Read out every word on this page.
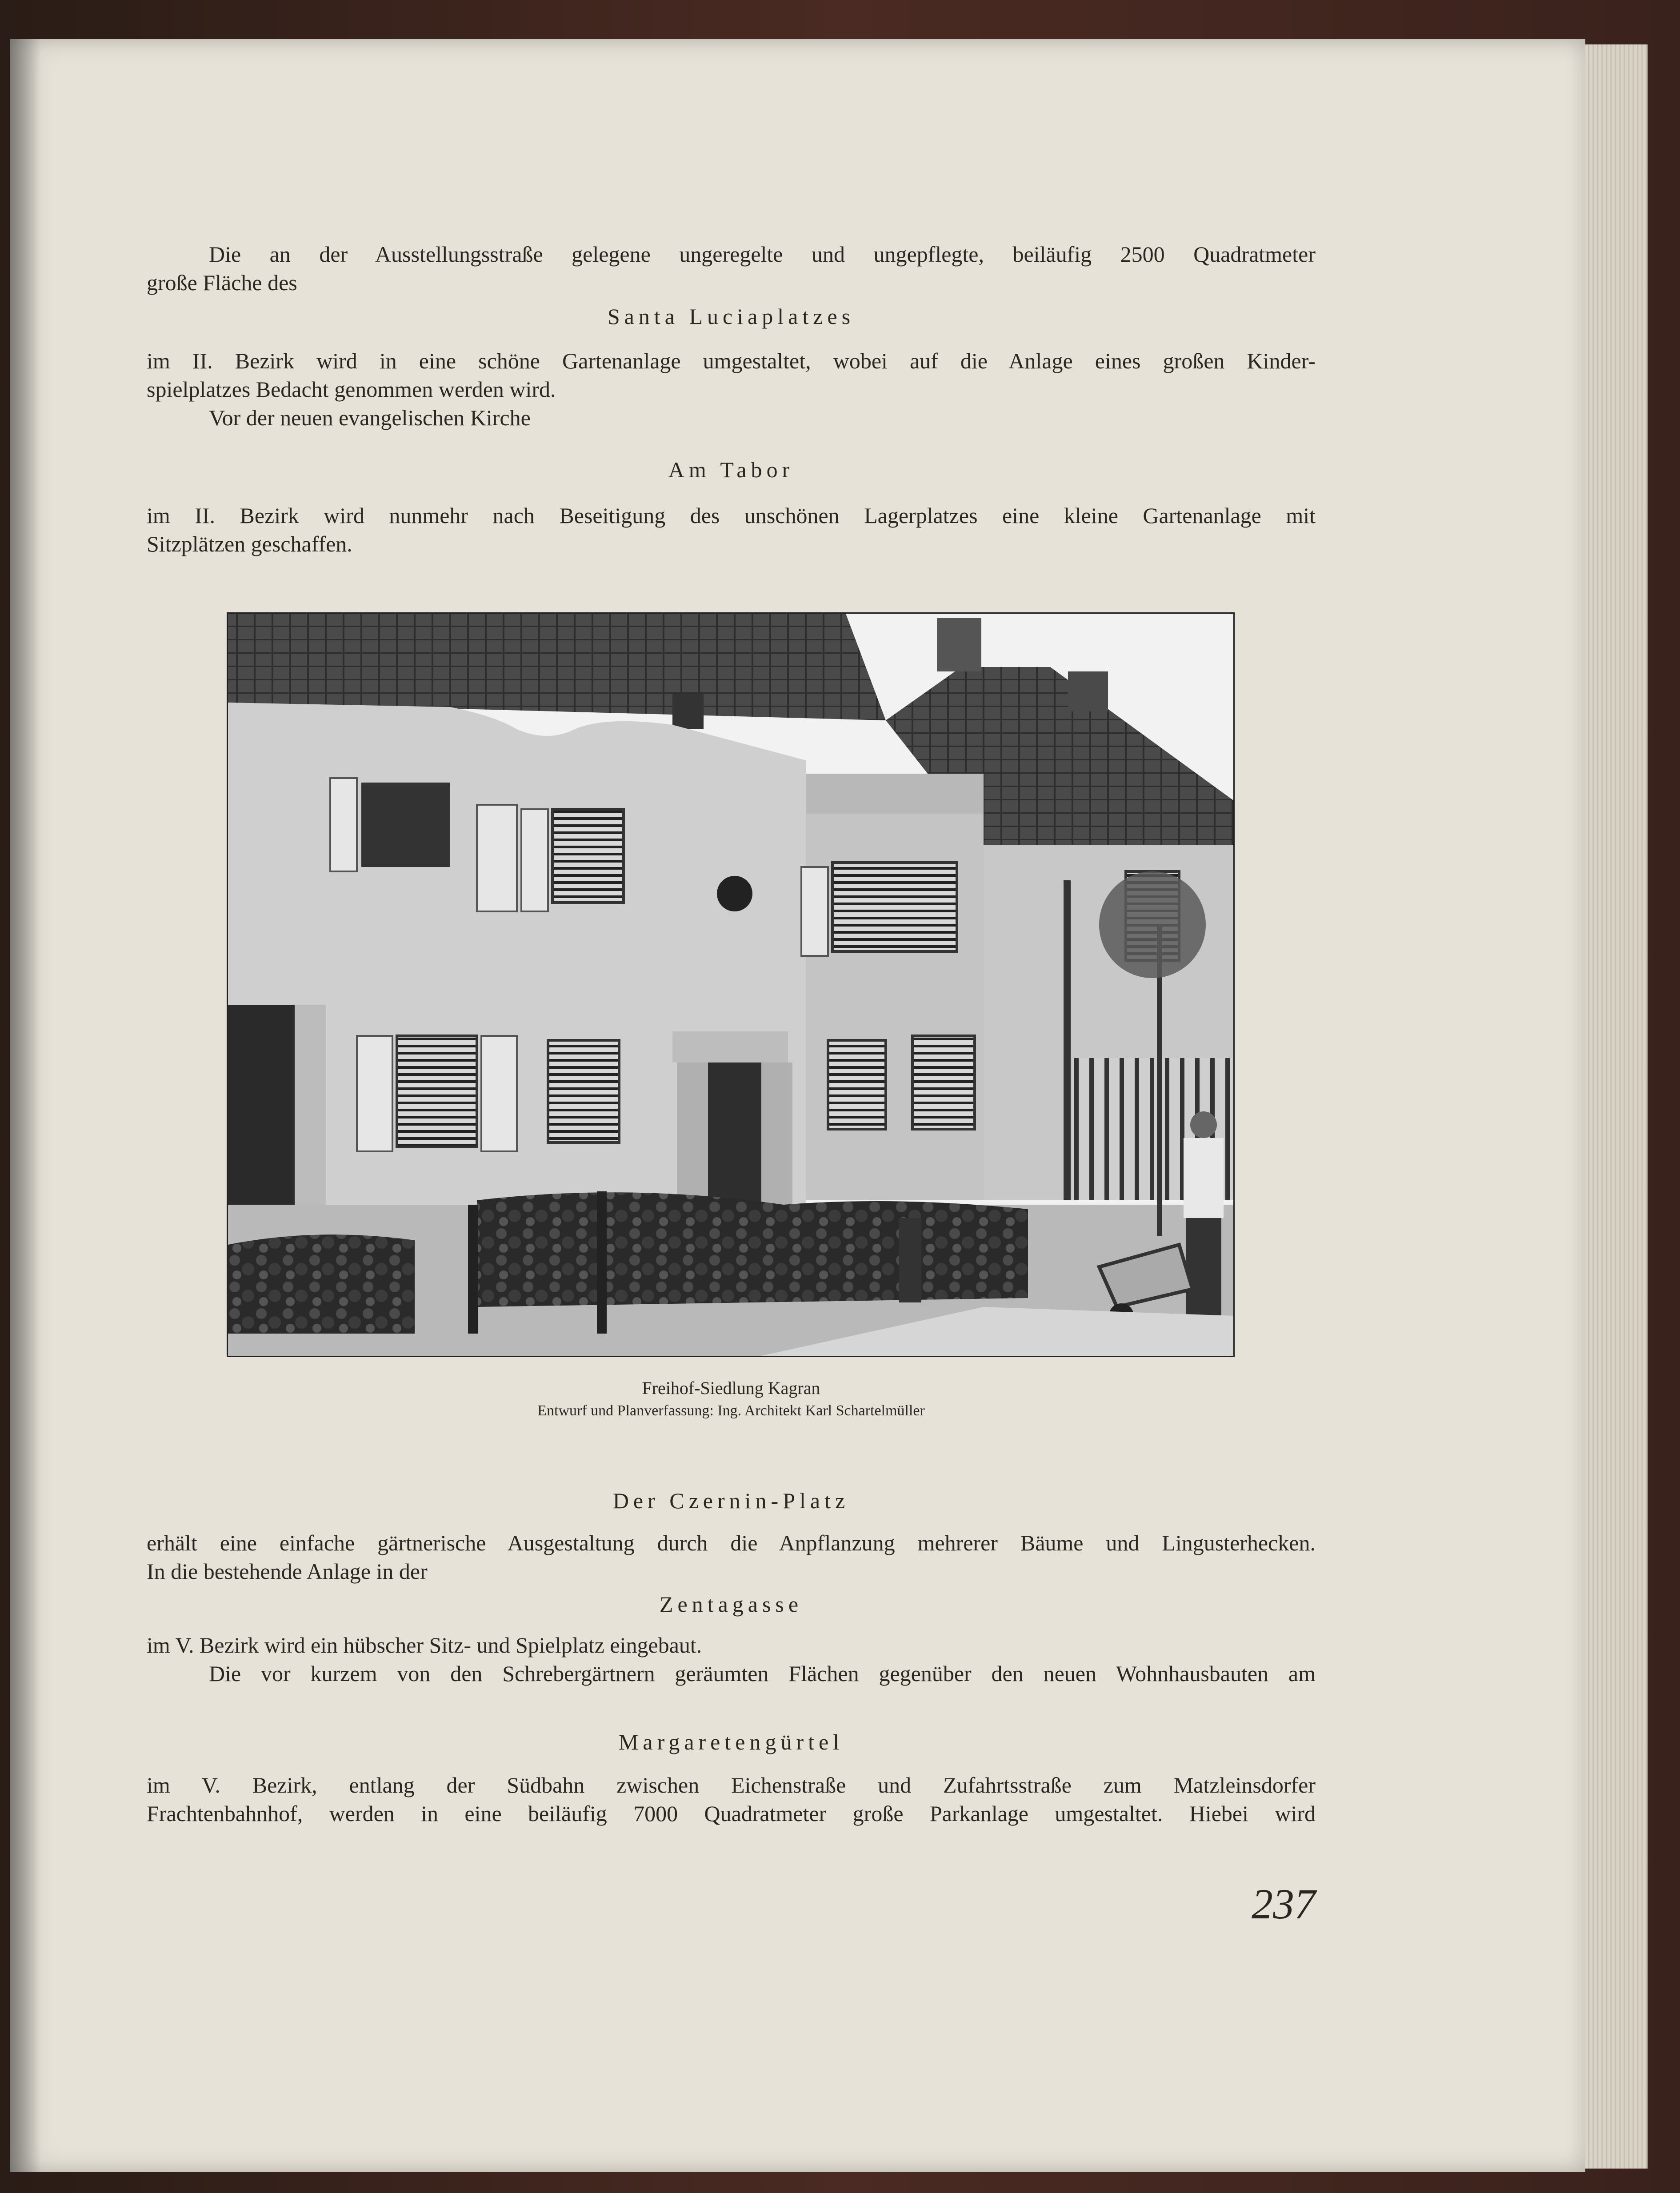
Die an der Ausstellungsstraße gelegene ungeregelte und ungepflegte, beiläufig 2500 Quadratmeter

große Fläche des

Santa Luciaplatzes

im II. Bezirk wird in eine schöne Gartenanlage umgestaltet, wobei auf die Anlage eines großen Kinder-

spielplatzes Bedacht genommen werden wird.

Vor der neuen evangelischen Kirche

Am Tabor

im II. Bezirk wird nunmehr nach Beseitigung des unschönen Lagerplatzes eine kleine Gartenanlage mit

Sitzplätzen geschaffen.

Freihof-Siedlung Kagran
Entwurf und Planverfassung: Ing. Architekt Karl Schartelmüller
Der Czernin-Platz

erhält eine einfache gärtnerische Ausgestaltung durch die Anpflanzung mehrerer Bäume und Lingusterhecken.

In die bestehende Anlage in der

Zentagasse

im V. Bezirk wird ein hübscher Sitz- und Spielplatz eingebaut.

Die vor kurzem von den Schrebergärtnern geräumten Flächen gegenüber den neuen Wohnhausbauten am

Margaretengürtel

im V. Bezirk, entlang der Südbahn zwischen Eichenstraße und Zufahrtsstraße zum Matzleinsdorfer

Frachtenbahnhof, werden in eine beiläufig 7000 Quadratmeter große Parkanlage umgestaltet. Hiebei wird

237
